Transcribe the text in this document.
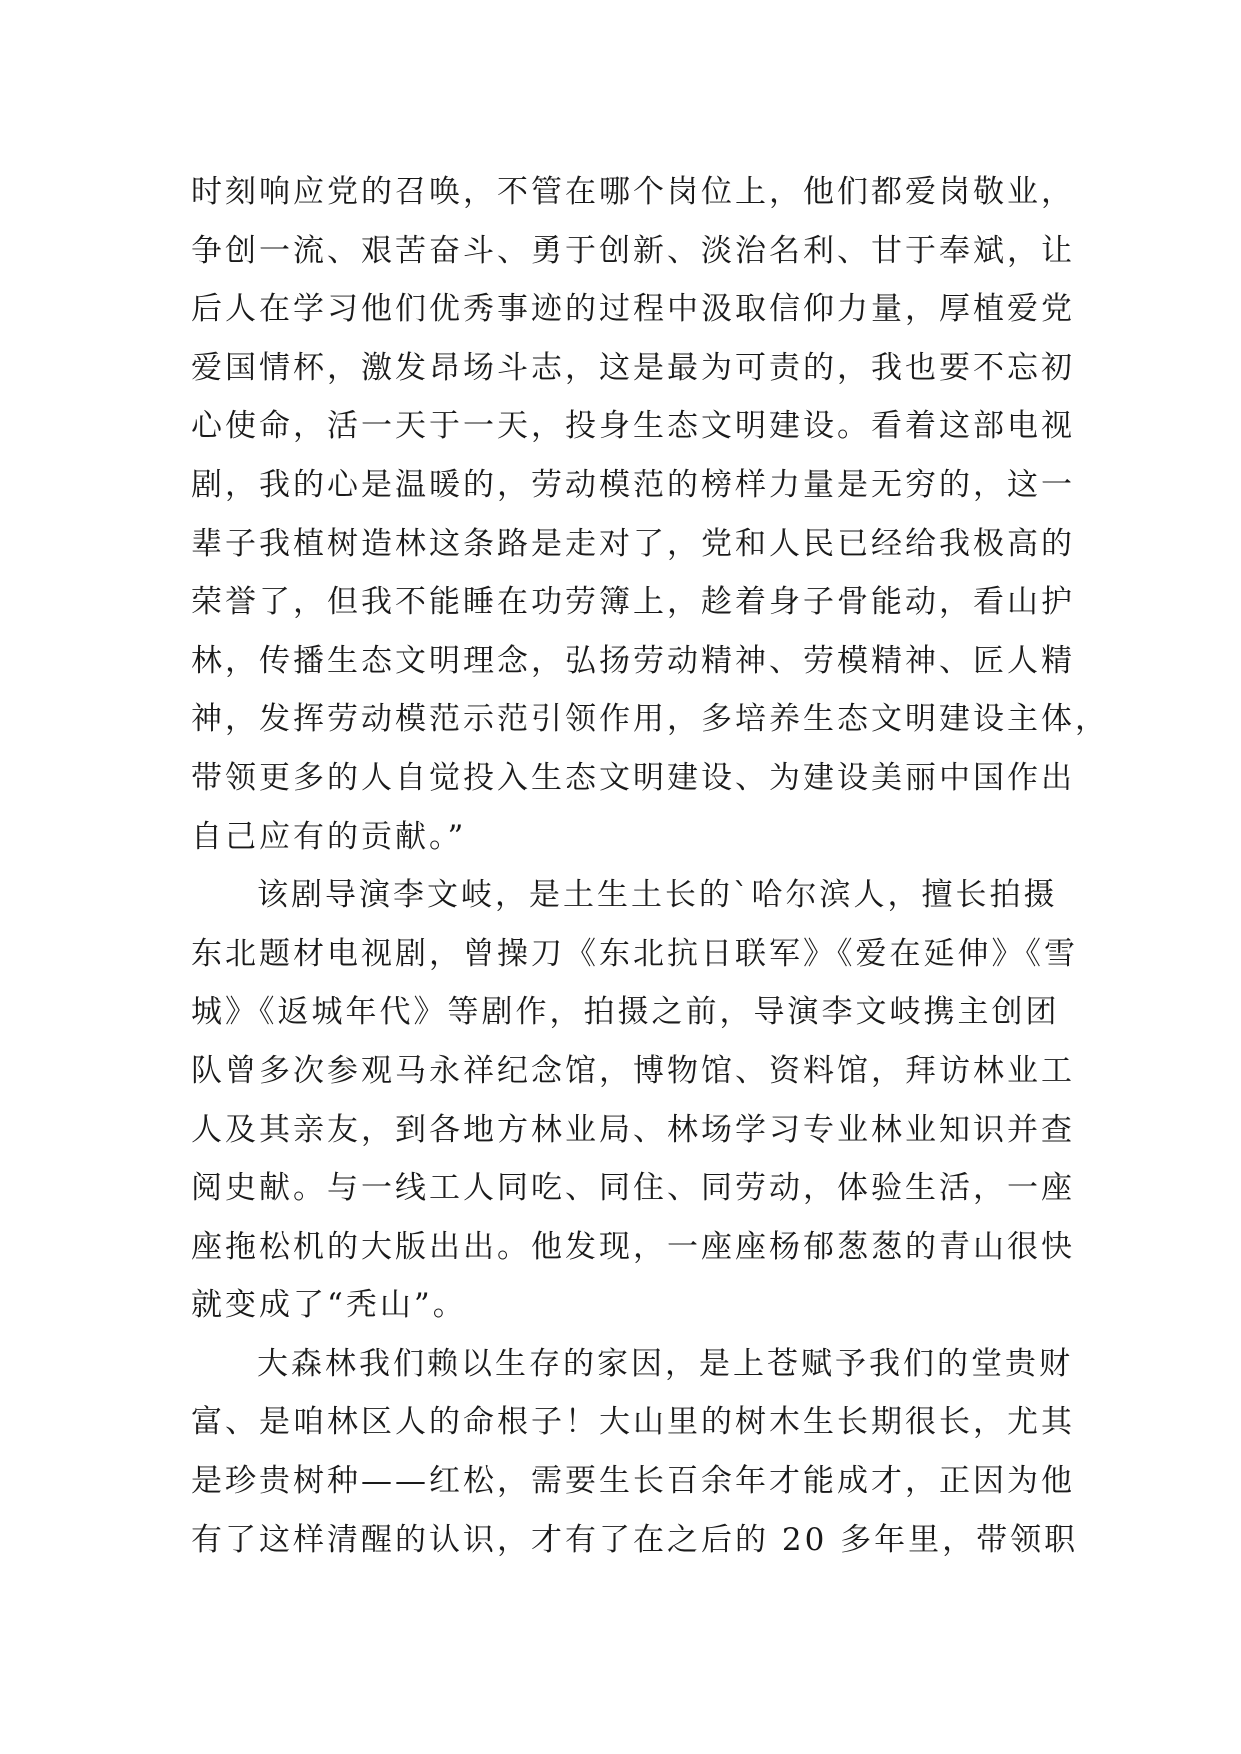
时刻响应党的召唤，不管在哪个岗位上，他们都爱岗敬业，
争创一流、艰苦奋斗、勇于创新、淡治名利、甘于奉斌，让
后人在学习他们优秀事迹的过程中汲取信仰力量，厚植爱党
爱国情杯，激发昂场斗志，这是最为可责的，我也要不忘初
心使命，活一天于一天，投身生态文明建设。看着这部电视
剧，我的心是温暖的，劳动模范的榜样力量是无穷的，这一
辈子我植树造林这条路是走对了，党和人民已经给我极高的
荣誉了，但我不能睡在功劳簿上，趁着身子骨能动，看山护
林，传播生态文明理念，弘扬劳动精神、劳模精神、匠人精
神，发挥劳动模范示范引领作用，多培养生态文明建设主体，
带领更多的人自觉投入生态文明建设、为建设美丽中国作出
自己应有的贡献。”
该剧导演李文岐，是土生土长的`哈尔滨人，擅长拍摄
东北题材电视剧，曾操刀《东北抗日联军》《爱在延伸》《雪
城》《返城年代》等剧作，拍摄之前，导演李文岐携主创团
队曾多次参观马永祥纪念馆，博物馆、资料馆，拜访林业工
人及其亲友，到各地方林业局、林场学习专业林业知识并查
阅史献。与一线工人同吃、同住、同劳动，体验生活，一座
座拖松机的大版出出。他发现，一座座杨郁葱葱的青山很快
就变成了“秃山”。
大森林我们赖以生存的家因，是上苍赋予我们的堂贵财
富、是咱林区人的命根子！大山里的树木生长期很长，尤其
是珍贵树种——红松，需要生长百余年才能成才，正因为他
有了这样清醒的认识，才有了在之后的 20 多年里，带领职
